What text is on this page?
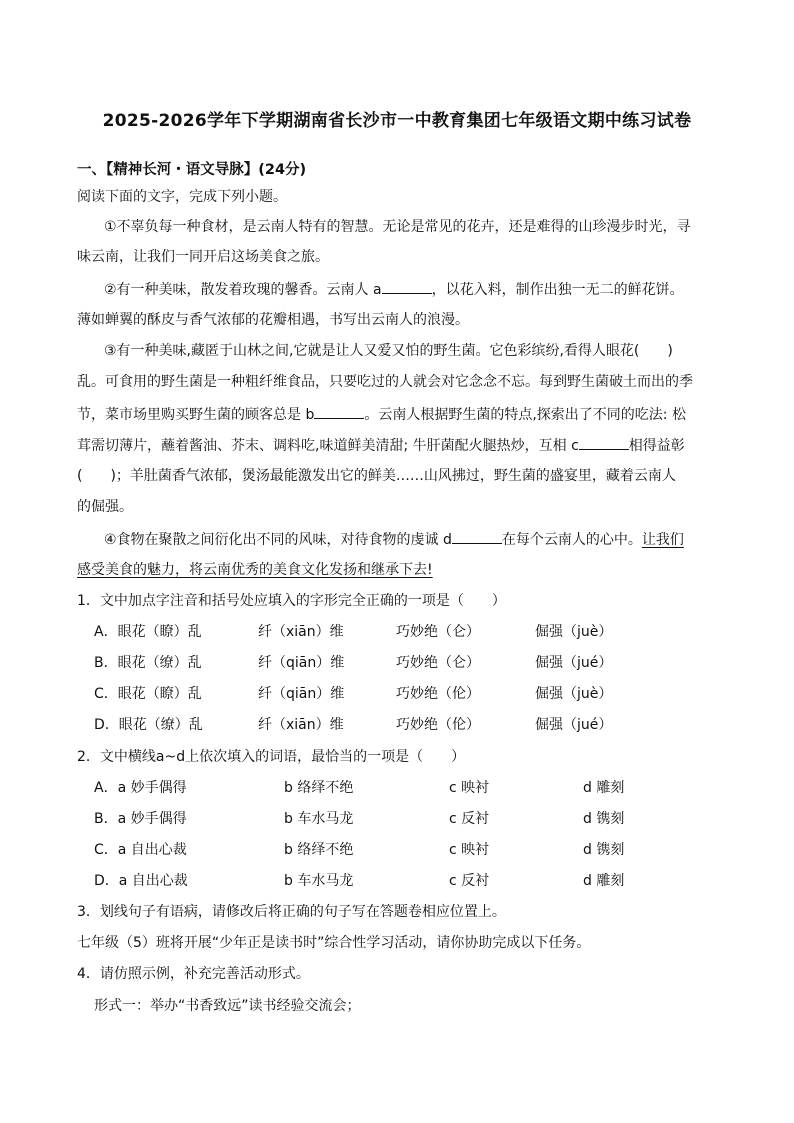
2025-2026学年下学期湖南省长沙市一中教育集团七年级语文期中练习试卷
一、【精神长河・语文导脉】(24分)
阅读下面的文字，完成下列小题。
①不辜负每一种食材，是云南人特有的智慧。无论是常见的花卉，还是难得的山珍漫步时光，寻
味云南，让我们一同开启这场美食之旅。
②有一种美味，散发着玫瑰的馨香。云南人 a	，以花入料，制作出独一无二的鲜花饼。
薄如蝉翼的酥皮与香气浓郁的花瓣相遇，书写出云南人的浪漫。
③有一种美味,藏匿于山林之间,它就是让人又爱又怕的野生菌。它色彩缤纷,看得人眼花(　　)
乱。可食用的野生菌是一种粗纤维食品，只要吃过的人就会对它念念不忘。每到野生菌破土而出的季
节，菜市场里购买野生菌的顾客总是 b	。云南人根据野生菌的特点,探索出了不同的吃法: 松
茸需切薄片，蘸着酱油、芥末、调料吃,味道鲜美清甜; 牛肝菌配火腿热炒，互相 c	相得益彰
(　　)；羊肚菌香气浓郁，煲汤最能激发出它的鲜美……山风拂过，野生菌的盛宴里，藏着云南人
的倔强。
④食物在聚散之间衍化出不同的风味，对待食物的虔诚 d	在每个云南人的心中。让我们
感受美食的魅力，将云南优秀的美食文化发扬和继承下去!
1．文中加点字注音和括号处应填入的字形完全正确的一项是（　　）
A．眼花（瞭）乱	纤（xiān）维	巧妙绝（仑）	倔强（juè）
B．眼花（缭）乱	纤（qiān）维	巧妙绝（仑）	倔强（jué）
C．眼花（瞭）乱	纤（qiān）维	巧妙绝（伦）	倔强（juè）
D．眼花（缭）乱	纤（xiān）维	巧妙绝（伦）	倔强（jué）
2．文中横线a~d上依次填入的词语，最恰当的一项是（　　）
A．a 妙手偶得	b 络绎不绝	c 映衬	d 雕刻
B．a 妙手偶得	b 车水马龙	c 反衬	d 镌刻
C．a 自出心裁	b 络绎不绝	c 映衬	d 镌刻
D．a 自出心裁	b 车水马龙	c 反衬	d 雕刻
3．划线句子有语病，请修改后将正确的句子写在答题卷相应位置上。
七年级（5）班将开展“少年正是读书时”综合性学习活动，请你协助完成以下任务。
4．请仿照示例，补充完善活动形式。
形式一：举办“书香致远”读书经验交流会；
